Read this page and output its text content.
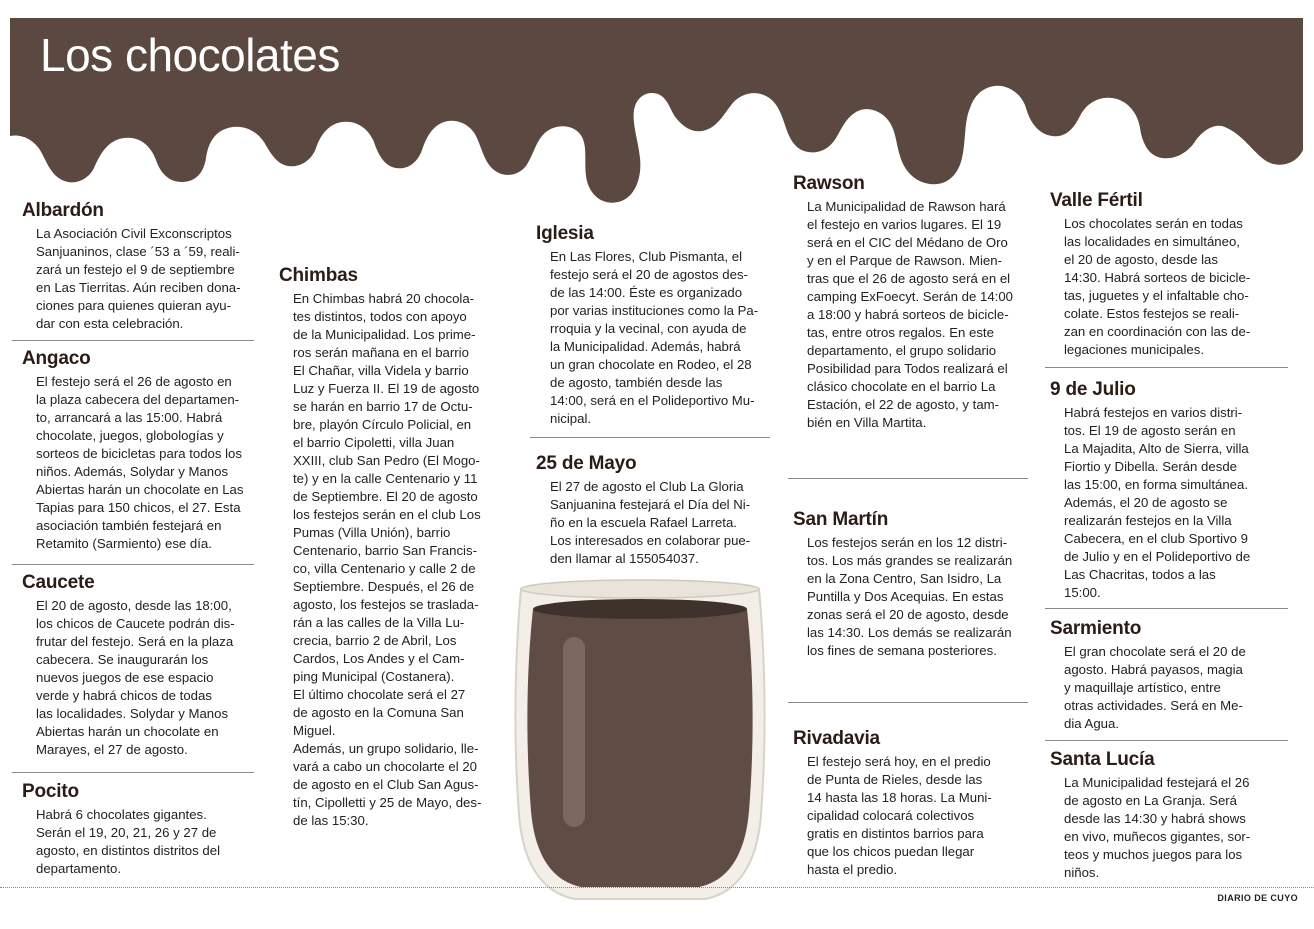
Los chocolates
Albardón

La Asociación Civil Exconscriptos
Sanjuaninos, clase ´53 a ´59, reali-
zará un festejo el 9 de septiembre
en Las Tierritas. Aún reciben dona-
ciones para quienes quieran ayu-
dar con esta celebración.

Angaco

El festejo será el 26 de agosto en
la plaza cabecera del departamen-
to, arrancará a las 15:00. Habrá
chocolate, juegos, globologías y
sorteos de bicicletas para todos los
niños. Además, Solydar y Manos
Abiertas harán un chocolate en Las
Tapias para 150 chicos, el 27. Esta
asociación también festejará en
Retamito (Sarmiento) ese día.

Caucete

El 20 de agosto, desde las 18:00,
los chicos de Caucete podrán dis-
frutar del festejo. Será en la plaza
cabecera. Se inaugurarán los
nuevos juegos de ese espacio
verde y habrá chicos de todas
las localidades. Solydar y Manos
Abiertas harán un chocolate en
Marayes, el 27 de agosto.

Pocito

Habrá 6 chocolates gigantes.
Serán el 19, 20, 21, 26 y 27 de
agosto, en distintos distritos del
departamento.

Chimbas

En Chimbas habrá 20 chocola-
tes distintos, todos con apoyo
de la Municipalidad. Los prime-
ros serán mañana en el barrio
El Chañar, villa Videla y barrio
Luz y Fuerza II. El 19 de agosto
se harán en barrio 17 de Octu-
bre, playón Círculo Policial, en
el barrio Cipoletti, villa Juan
XXIII, club San Pedro (El Mogo-
te) y en la calle Centenario y 11
de Septiembre. El 20 de agosto
los festejos serán en el club Los
Pumas (Villa Unión), barrio
Centenario, barrio San Francis-
co, villa Centenario y calle 2 de
Septiembre. Después, el 26 de
agosto, los festejos se traslada-
rán a las calles de la Villa Lu-
crecia, barrio 2 de Abril, Los
Cardos, Los Andes y el Cam-
ping Municipal (Costanera).
El último chocolate será el 27
de agosto en la Comuna San
Miguel.
Además, un grupo solidario, lle-
vará a cabo un chocolarte el 20
de agosto en el Club San Agus-
tín, Cipolletti y 25 de Mayo, des-
de las 15:30.

Iglesia

En Las Flores, Club Pismanta, el
festejo será el 20 de agostos des-
de las 14:00. Éste es organizado
por varias instituciones como la Pa-
rroquia y la vecinal, con ayuda de
la Municipalidad. Además, habrá
un gran chocolate en Rodeo, el 28
de agosto, también desde las
14:00, será en el Polideportivo Mu-
nicipal.

25 de Mayo

El 27 de agosto el Club La Gloria
Sanjuanina festejará el Día del Ni-
ño en la escuela Rafael Larreta.
Los interesados en colaborar pue-
den llamar al 155054037.

Rawson

La Municipalidad de Rawson hará
el festejo en varios lugares. El 19
será en el CIC del Médano de Oro
y en el Parque de Rawson. Mien-
tras que el 26 de agosto será en el
camping ExFoecyt. Serán de 14:00
a 18:00 y habrá sorteos de bicicle-
tas, entre otros regalos. En este
departamento, el grupo solidario
Posibilidad para Todos realizará el
clásico chocolate en el barrio La
Estación, el 22 de agosto, y tam-
bién en Villa Martita.

San Martín

Los festejos serán en los 12 distri-
tos. Los más grandes se realizarán
en la Zona Centro, San Isidro, La
Puntilla y Dos Acequias. En estas
zonas será el 20 de agosto, desde
las 14:30. Los demás se realizarán
los fines de semana posteriores.

Rivadavia

El festejo será hoy, en el predio
de Punta de Rieles, desde las
14 hasta las 18 horas. La Muni-
cipalidad colocará colectivos
gratis en distintos barrios para
que los chicos puedan llegar
hasta el predio.

Valle Fértil

Los chocolates serán en todas
las localidades en simultáneo,
el 20 de agosto, desde las
14:30. Habrá sorteos de bicicle-
tas, juguetes y el infaltable cho-
colate. Estos festejos se reali-
zan en coordinación con las de-
legaciones municipales.

9 de Julio

Habrá festejos en varios distri-
tos. El 19 de agosto serán en
La Majadita, Alto de Sierra, villa
Fiortio y Dibella. Serán desde
las 15:00, en forma simultánea.
Además, el 20 de agosto se
realizarán festejos en la Villa
Cabecera, en el club Sportivo 9
de Julio y en el Polideportivo de
Las Chacritas, todos a las
15:00.

Sarmiento

El gran chocolate será el 20 de
agosto. Habrá payasos, magia
y maquillaje artístico, entre
otras actividades. Será en Me-
dia Agua.

Santa Lucía

La Municipalidad festejará el 26
de agosto en La Granja. Será
desde las 14:30 y habrá shows
en vivo, muñecos gigantes, sor-
teos y muchos juegos para los
niños.

DIARIO DE CUYO
